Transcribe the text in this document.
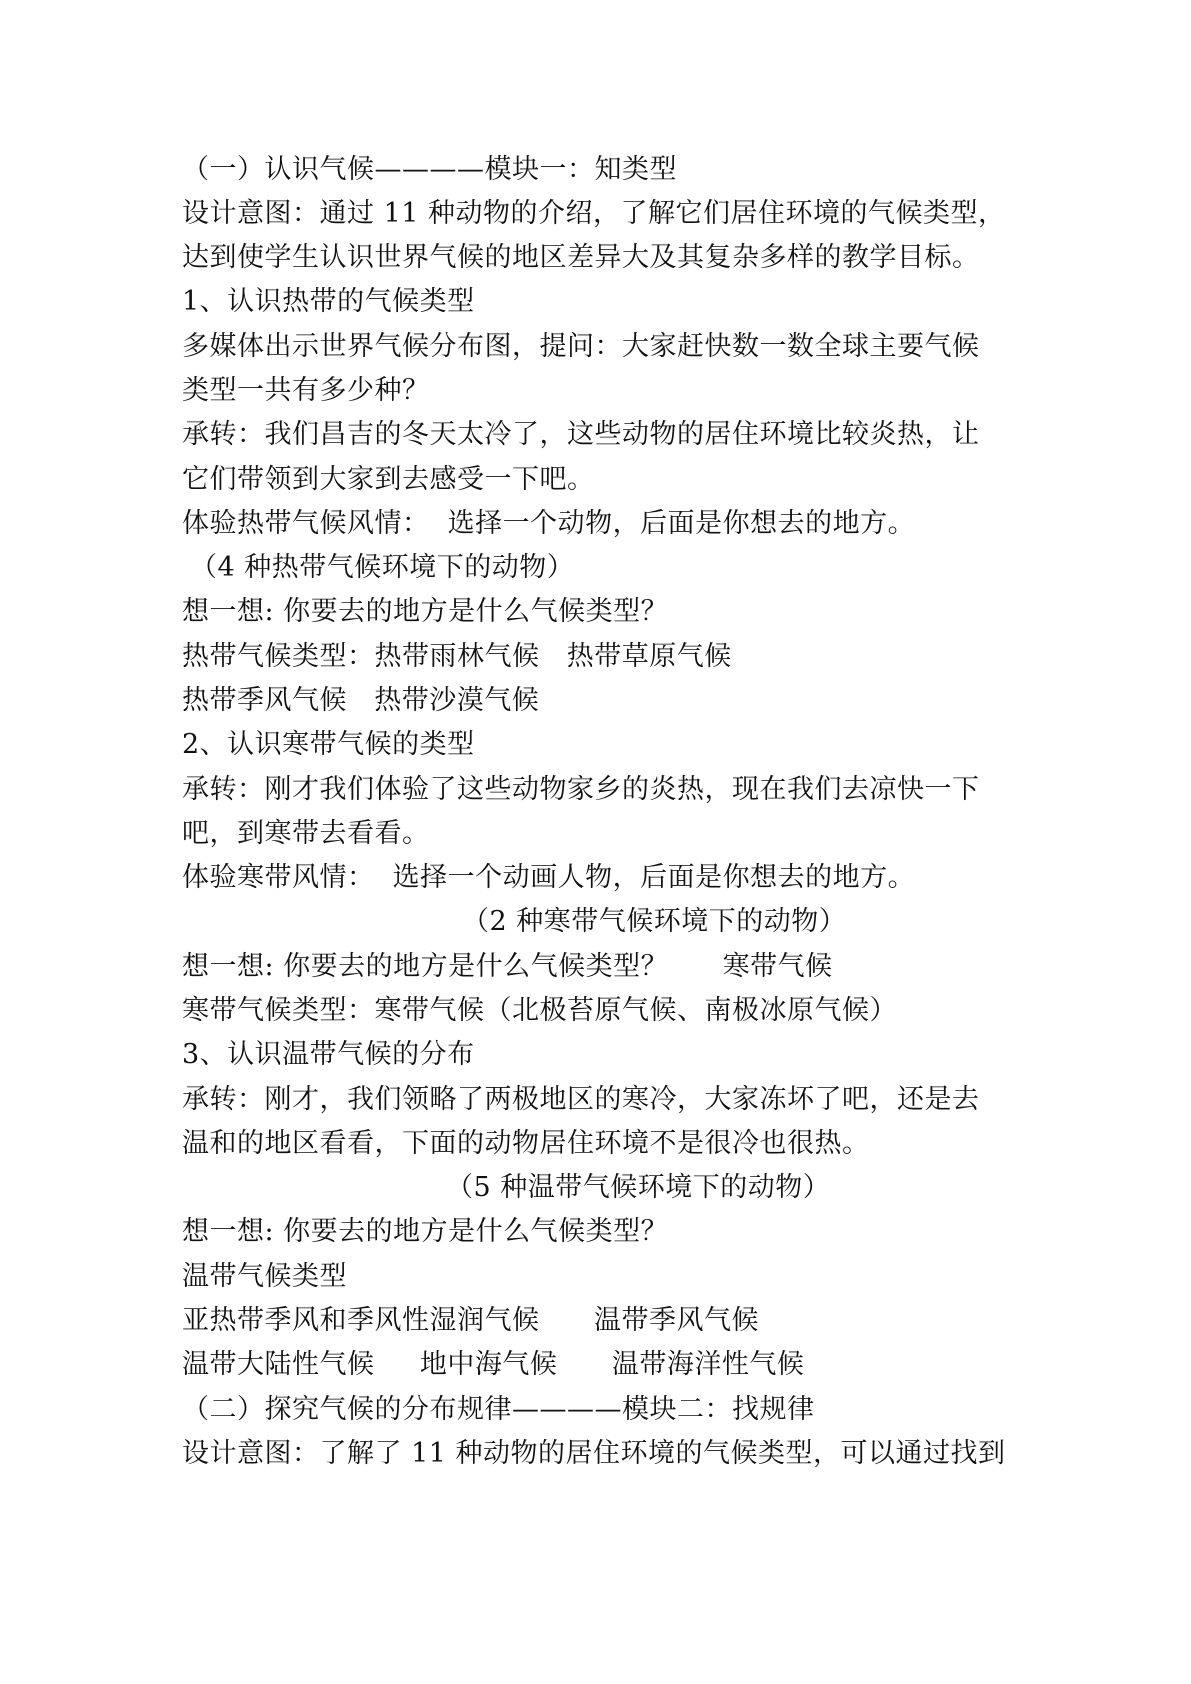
（一）认识气候————模块一：知类型
设计意图：通过 11 种动物的介绍，了解它们居住环境的气候类型，
达到使学生认识世界气候的地区差异大及其复杂多样的教学目标。
1、认识热带的气候类型
多媒体出示世界气候分布图，提问：大家赶快数一数全球主要气候
类型一共有多少种？
承转：我们昌吉的冬天太冷了，这些动物的居住环境比较炎热，让
它们带领到大家到去感受一下吧。
体验热带气候风情：  选择一个动物，后面是你想去的地方。
（4 种热带气候环境下的动物）
想一想: 你要去的地方是什么气候类型？
热带气候类型：热带雨林气候   热带草原气候
热带季风气候   热带沙漠气候
2、认识寒带气候的类型
承转：刚才我们体验了这些动物家乡的炎热，现在我们去凉快一下
吧，到寒带去看看。
体验寒带风情：  选择一个动画人物，后面是你想去的地方。
（2 种寒带气候环境下的动物）
想一想: 你要去的地方是什么气候类型？      寒带气候
寒带气候类型：寒带气候（北极苔原气候、南极冰原气候）
3、认识温带气候的分布
承转：刚才，我们领略了两极地区的寒冷，大家冻坏了吧，还是去
温和的地区看看，下面的动物居住环境不是很冷也很热。
（5 种温带气候环境下的动物）
想一想: 你要去的地方是什么气候类型？
温带气候类型
亚热带季风和季风性湿润气候      温带季风气候
温带大陆性气候     地中海气候      温带海洋性气候
（二）探究气候的分布规律————模块二：找规律
设计意图：了解了 11 种动物的居住环境的气候类型，可以通过找到
